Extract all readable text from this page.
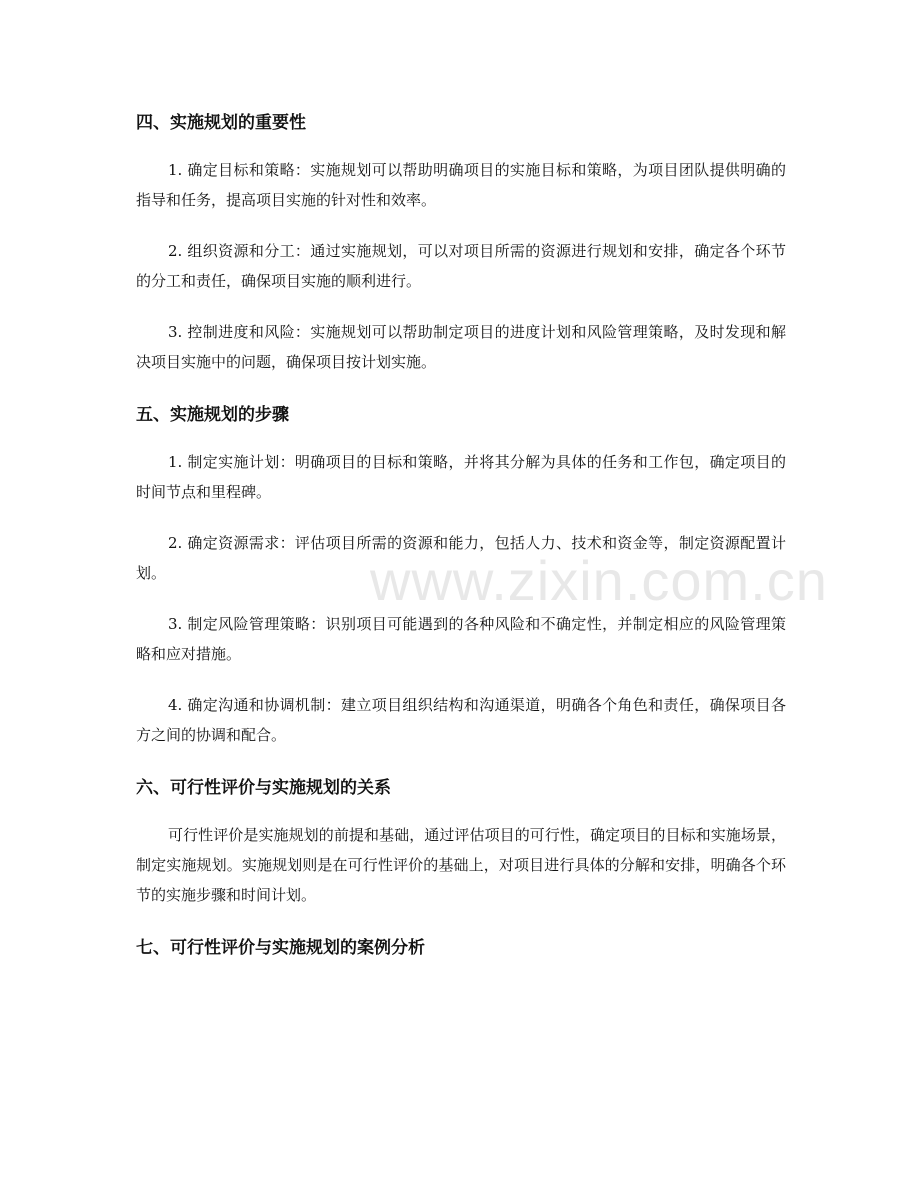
www.zixin.com.cn
四、实施规划的重要性

1. 确定目标和策略：实施规划可以帮助明确项目的实施目标和策略，为项目团队提供明确的指导和任务，提高项目实施的针对性和效率。

2. 组织资源和分工：通过实施规划，可以对项目所需的资源进行规划和安排，确定各个环节的分工和责任，确保项目实施的顺利进行。

3. 控制进度和风险：实施规划可以帮助制定项目的进度计划和风险管理策略，及时发现和解决项目实施中的问题，确保项目按计划实施。

五、实施规划的步骤

1. 制定实施计划：明确项目的目标和策略，并将其分解为具体的任务和工作包，确定项目的时间节点和里程碑。

2. 确定资源需求：评估项目所需的资源和能力，包括人力、技术和资金等，制定资源配置计划。

3. 制定风险管理策略：识别项目可能遇到的各种风险和不确定性，并制定相应的风险管理策略和应对措施。

4. 确定沟通和协调机制：建立项目组织结构和沟通渠道，明确各个角色和责任，确保项目各方之间的协调和配合。

六、可行性评价与实施规划的关系

可行性评价是实施规划的前提和基础，通过评估项目的可行性，确定项目的目标和实施场景，制定实施规划。实施规划则是在可行性评价的基础上，对项目进行具体的分解和安排，明确各个环节的实施步骤和时间计划。

七、可行性评价与实施规划的案例分析
